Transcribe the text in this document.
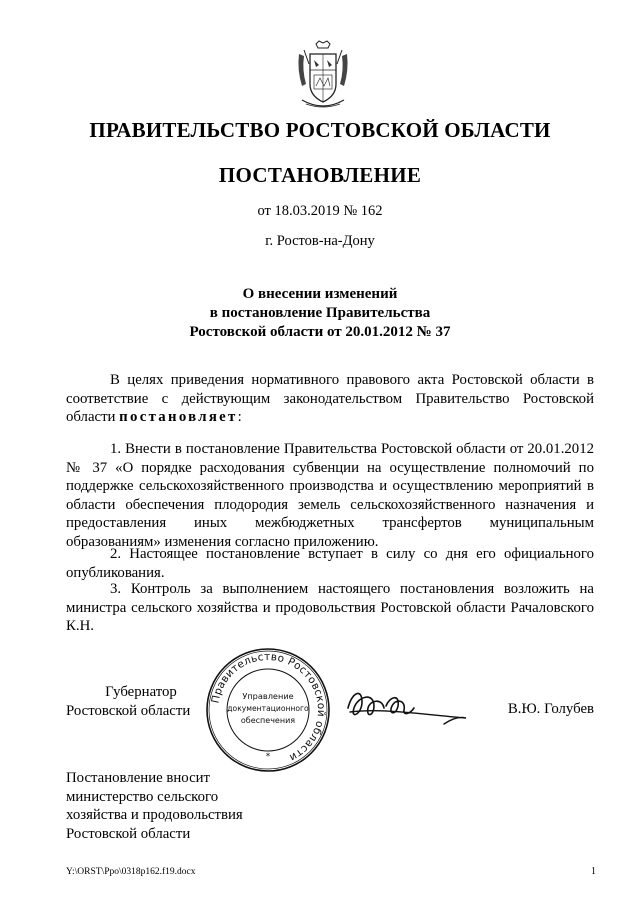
ПРАВИТЕЛЬСТВО РОСТОВСКОЙ ОБЛАСТИ
ПОСТАНОВЛЕНИЕ
от 18.03.2019 № 162
г. Ростов-на-Дону
О внесении изменений
в постановление Правительства
Ростовской области от 20.01.2012 № 37
В целях приведения нормативного правового акта Ростовской области в соответствие с действующим законодательством Правительство Ростовской области постановляет:
1. Внести в постановление Правительства Ростовской области от 20.01.2012 № 37 «О порядке расходования субвенции на осуществление полномочий по поддержке сельскохозяйственного производства и осуществлению мероприятий в области обеспечения плодородия земель сельскохозяйственного назначения и предоставления иных межбюджетных трансфертов муниципальным образованиям» изменения согласно приложению.
2. Настоящее постановление вступает в силу со дня его официального опубликования.
3. Контроль за выполнением настоящего постановления возложить на министра сельского хозяйства и продовольствия Ростовской области Рачаловского К.Н.
Губернатор
Ростовской области
Правительство Ростовской области
Управление
документационного
обеспечения
*
В.Ю. Голубев
Постановление вносит
министерство сельского
хозяйства и продовольствия
Ростовской области
Y:\ORST\Ppo\0318p162.f19.docx	1
